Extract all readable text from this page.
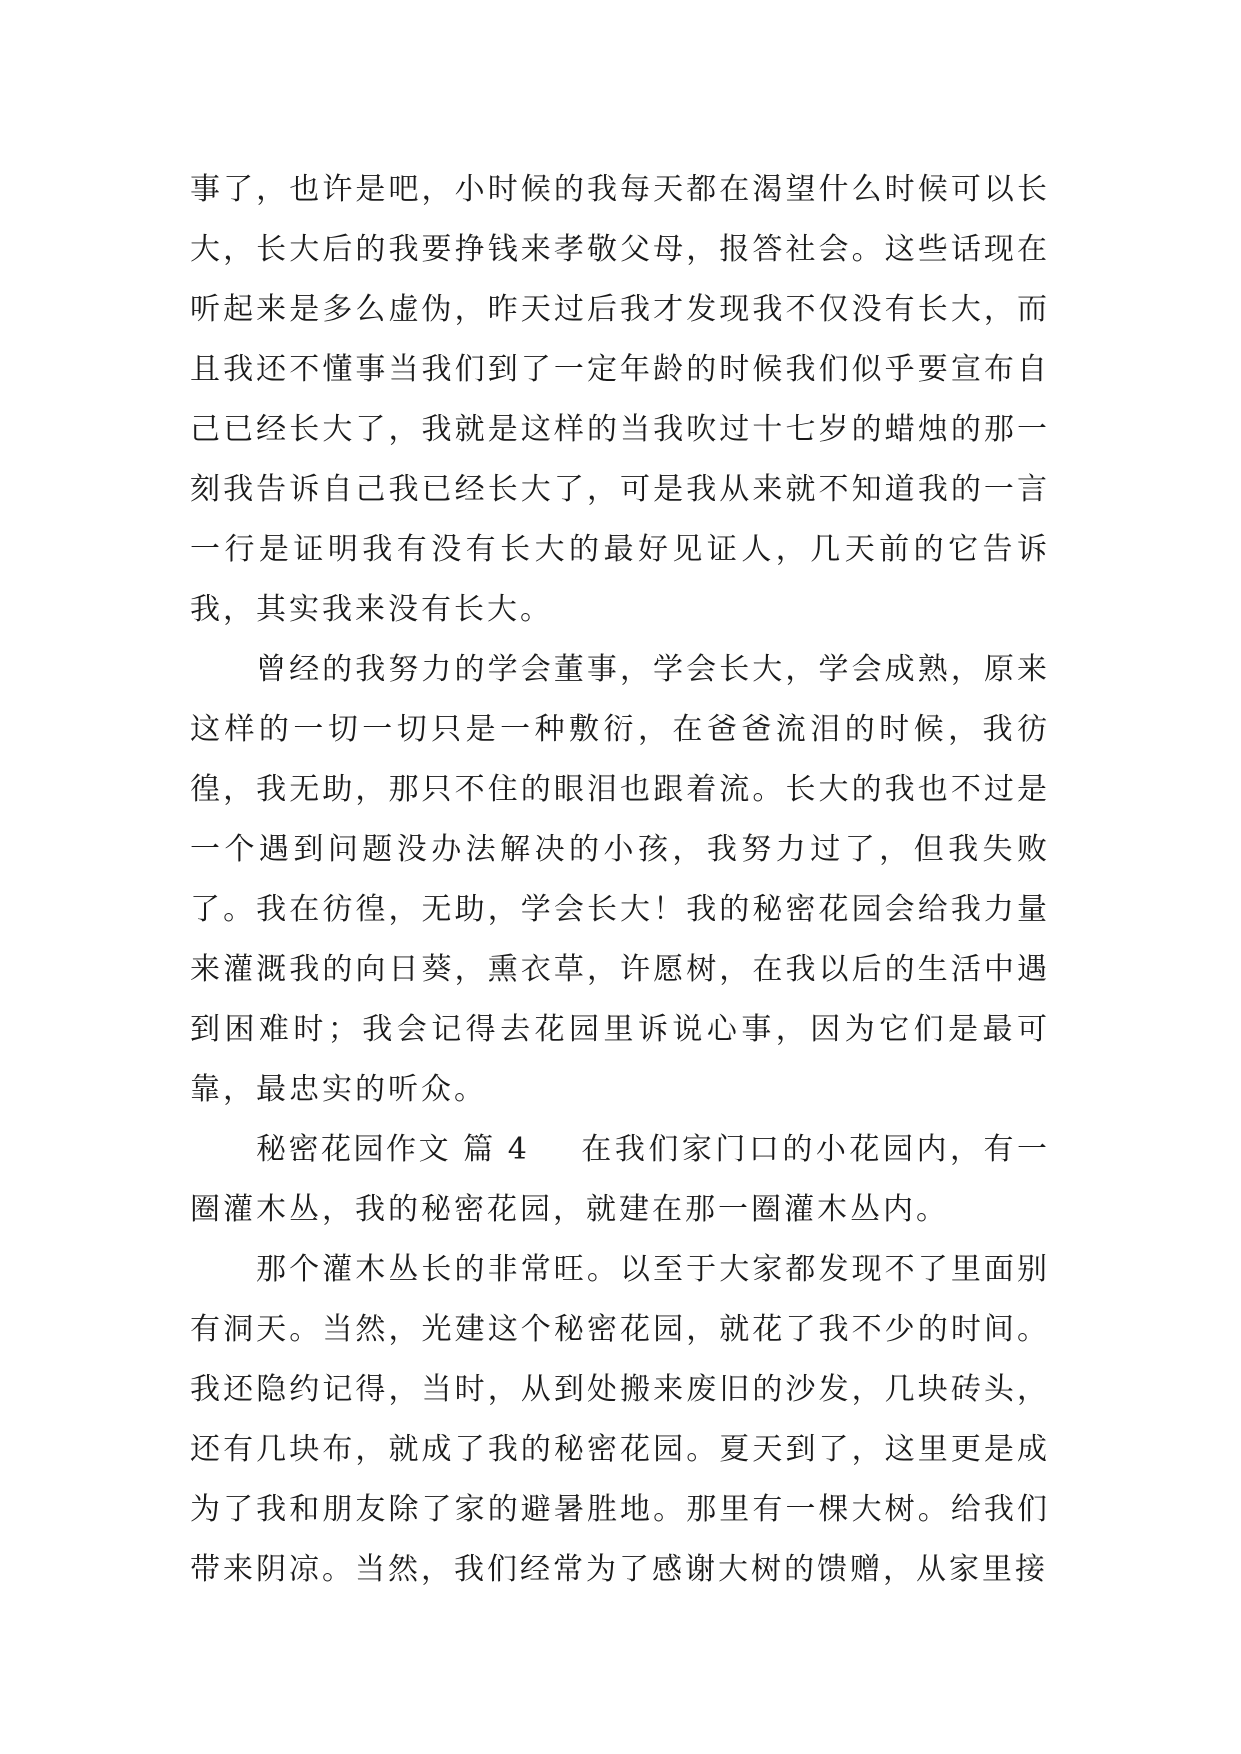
事了，也许是吧，小时候的我每天都在渴望什么时候可以长大，长大后的我要挣钱来孝敬父母，报答社会。这些话现在听起来是多么虚伪，昨天过后我才发现我不仅没有长大，而且我还不懂事当我们到了一定年龄的时候我们似乎要宣布自己已经长大了，我就是这样的当我吹过十七岁的蜡烛的那一刻我告诉自己我已经长大了，可是我从来就不知道我的一言一行是证明我有没有长大的最好见证人，几天前的它告诉我，其实我来没有长大。

曾经的我努力的学会董事，学会长大，学会成熟，原来这样的一切一切只是一种敷衍，在爸爸流泪的时候，我彷徨，我无助，那只不住的眼泪也跟着流。长大的我也不过是一个遇到问题没办法解决的小孩，我努力过了，但我失败了。我在彷徨，无助，学会长大！我的秘密花园会给我力量来灌溉我的向日葵，熏衣草，许愿树，在我以后的生活中遇到困难时；我会记得去花园里诉说心事，因为它们是最可靠，最忠实的听众。

秘密花园作文 篇 4 在我们家门口的小花园内，有一圈灌木丛，我的秘密花园，就建在那一圈灌木丛内。

那个灌木丛长的非常旺。以至于大家都发现不了里面别有洞天。当然，光建这个秘密花园，就花了我不少的时间。我还隐约记得，当时，从到处搬来废旧的沙发，几块砖头，还有几块布，就成了我的秘密花园。夏天到了，这里更是成为了我和朋友除了家的避暑胜地。那里有一棵大树。给我们带来阴凉。当然，我们经常为了感谢大树的馈赠，从家里接
